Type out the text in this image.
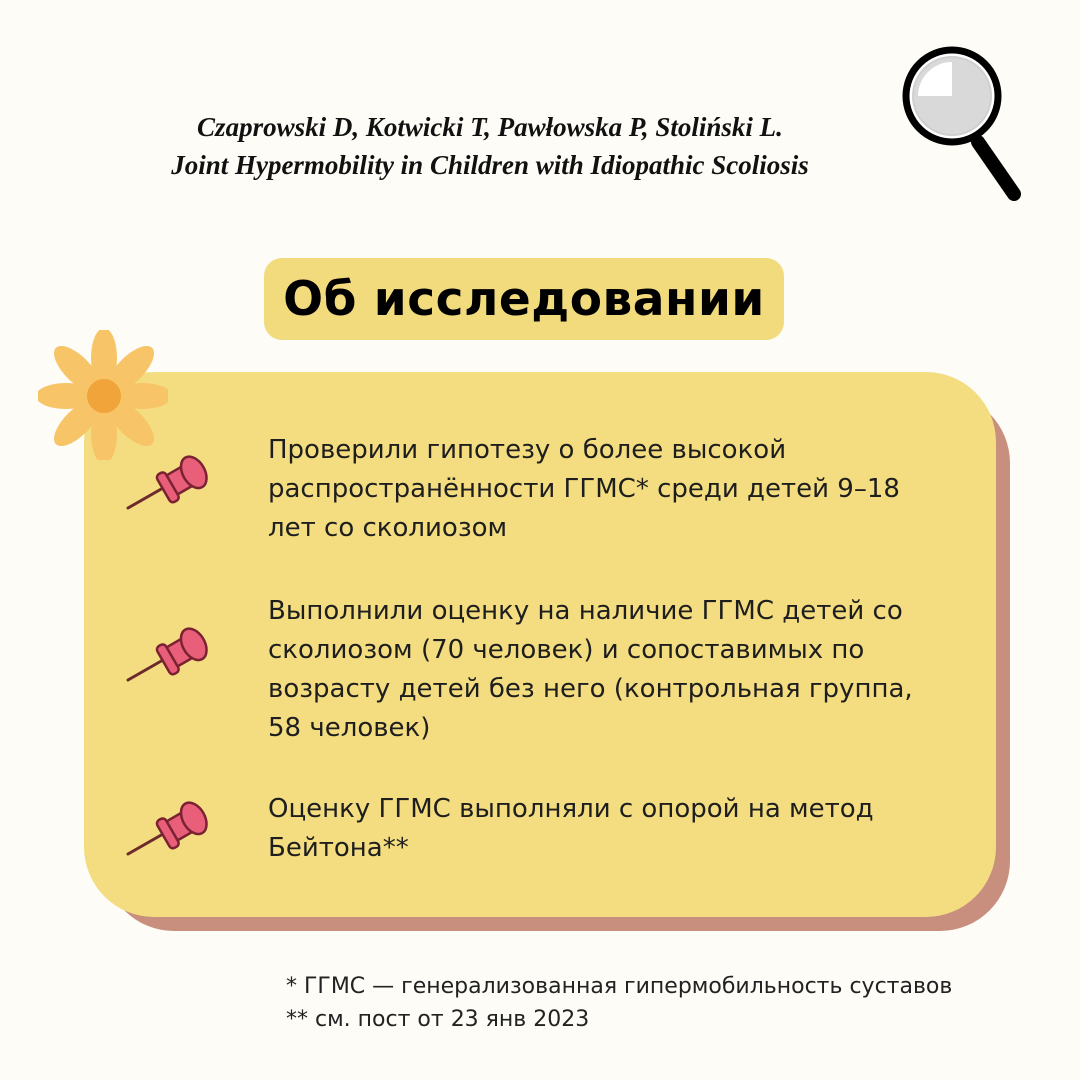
Czaprowski D, Kotwicki T, Pawłowska P, Stoliński L.
Joint Hypermobility in Children with Idiopathic Scoliosis
Об исследовании
Проверили гипотезу о более высокой распространённости ГГМС* среди детей 9–18 лет со сколиозом
Выполнили оценку на наличие ГГМС детей со сколиозом (70 человек) и сопоставимых по возрасту детей без него (контрольная группа, 58 человек)
Оценку ГГМС выполняли с опорой на метод Бейтона**
* ГГМС — генерализованная гипермобильность суставов
** см. пост от 23 янв 2023
